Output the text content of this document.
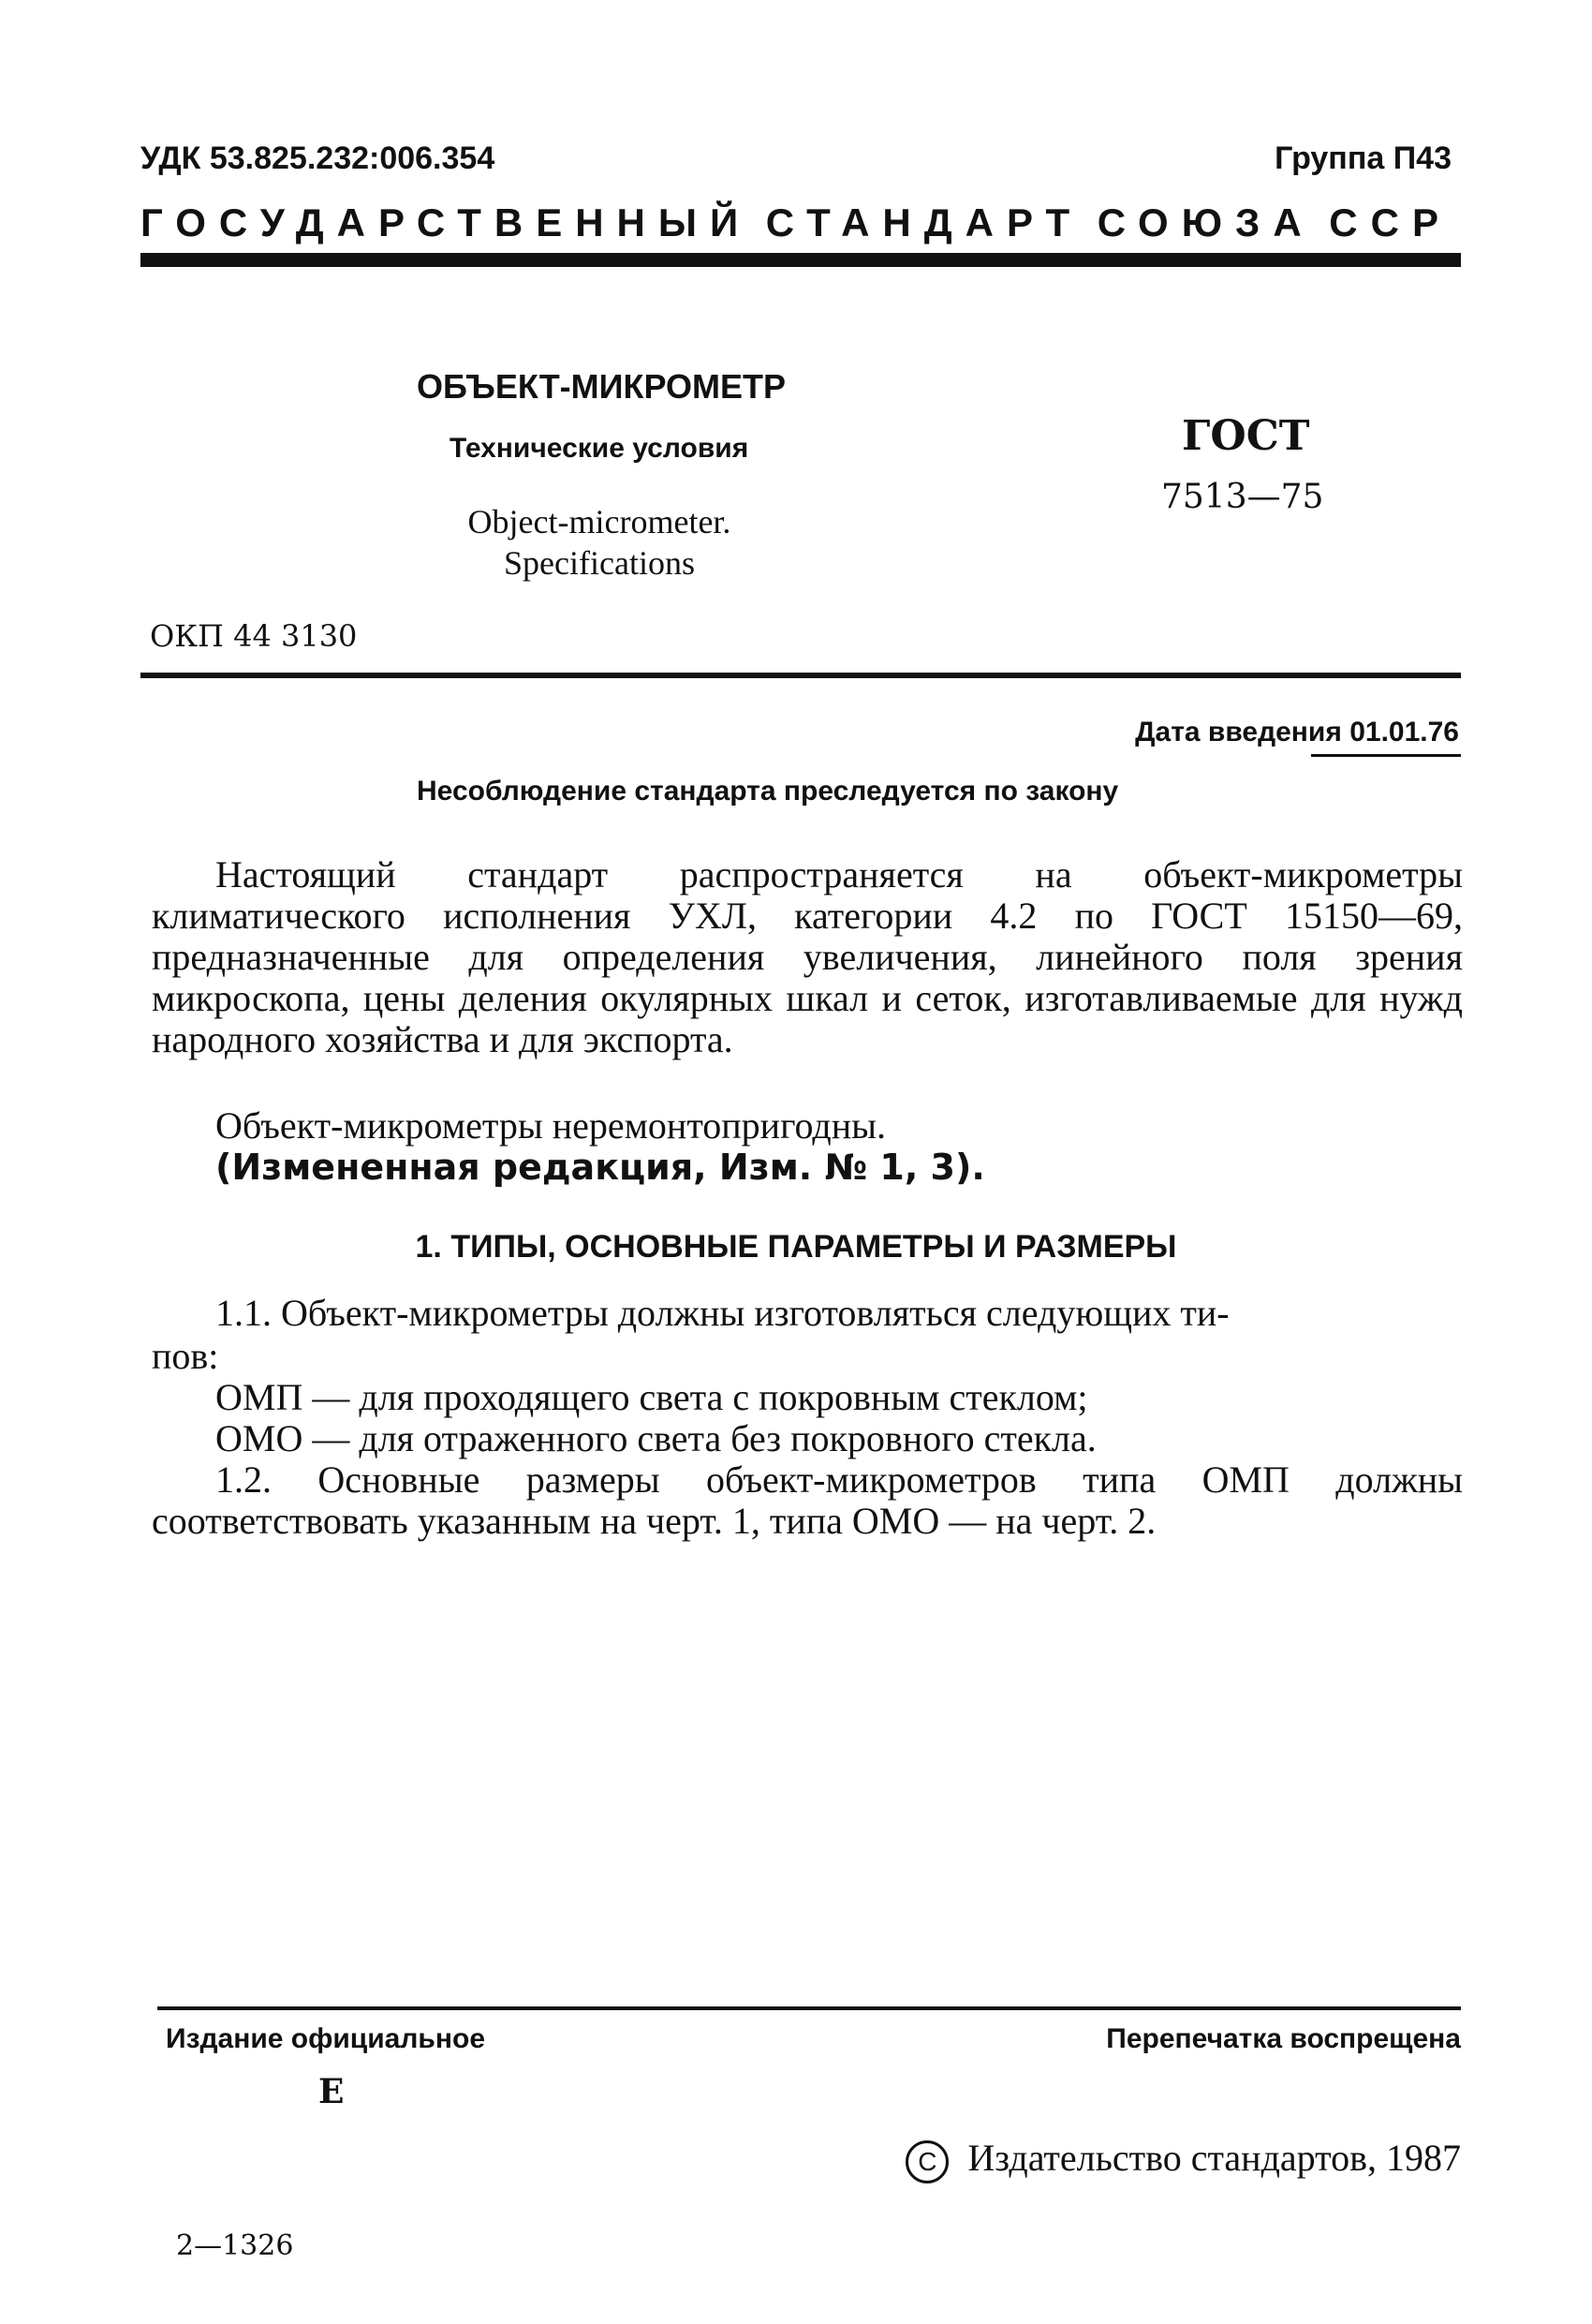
УДК 53.825.232:006.354	Группа П43
ГОСУДАРСТВЕННЫЙ СТАНДАРТ СОЮЗА ССР
ОБЪЕКТ-МИКРОМЕТР
Технические условия
Object-micrometer. Specifications
ГОСТ
7513—75
ОКП 44 3130
Дата введения 01.01.76
Несоблюдение стандарта преследуется по закону
Настоящий стандарт распространяется на объект-микрометры климатического исполнения УХЛ, категории 4.2 по ГОСТ 15150—69, предназначенные для определения увеличения, линейного поля зрения микроскопа, цены деления окулярных шкал и сеток, изготавливаемые для нужд народного хозяйства и для экспорта.
Объект-микрометры неремонтопригодны.
(Измененная редакция, Изм. № 1, 3).
1. ТИПЫ, ОСНОВНЫЕ ПАРАМЕТРЫ И РАЗМЕРЫ
1.1. Объект-микрометры должны изготовляться следующих ти-
пов:
ОМП — для проходящего света с покровным стеклом;
ОМО — для отраженного света без покровного стекла.
1.2. Основные размеры объект-микрометров типа ОМП должны соответствовать указанным на черт. 1, типа ОМО — на черт. 2.
Издание официальное	Перепечатка воспрещена
Е
C Издательство стандартов, 1987
2—1326
